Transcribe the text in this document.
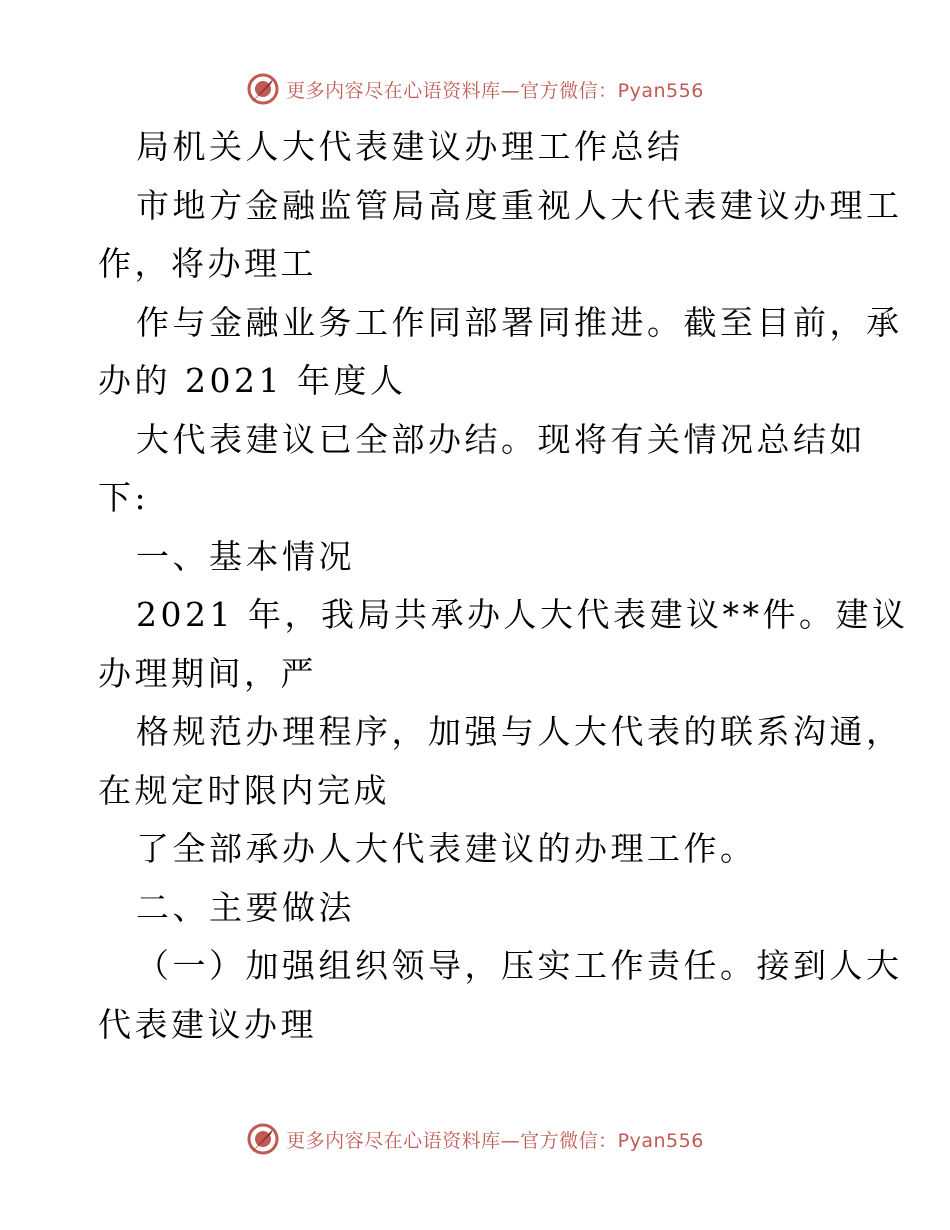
更多内容尽在心语资料库—官方微信：Pyan556
局机关人大代表建议办理工作总结
市地方金融监管局高度重视人大代表建议办理工
作，将办理工
作与金融业务工作同部署同推进。截至目前，承
办的 2021 年度人
大代表建议已全部办结。现将有关情况总结如
下:
一、基本情况
2021 年，我局共承办人大代表建议**件。建议
办理期间，严
格规范办理程序，加强与人大代表的联系沟通，
在规定时限内完成
了全部承办人大代表建议的办理工作。
二、主要做法
（一）加强组织领导，压实工作责任。接到人大
代表建议办理
更多内容尽在心语资料库—官方微信：Pyan556
